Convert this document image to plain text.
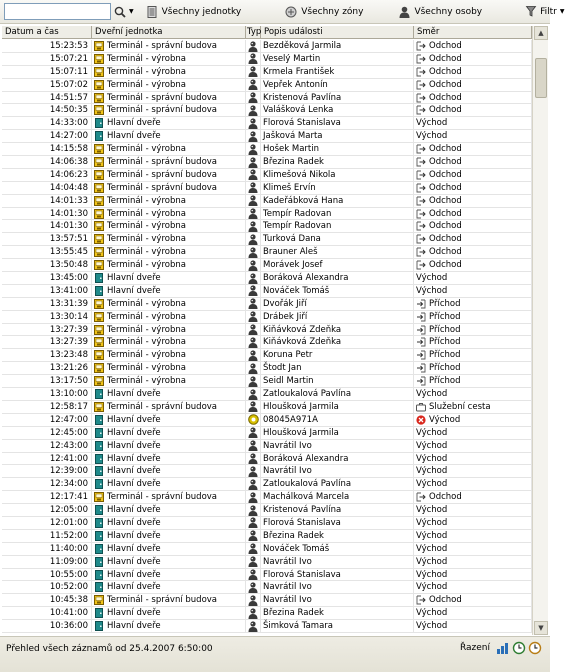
▼	Všechny jednotky	Všechny zóny	Všechny osoby	Filtr ▼
Datum a čas	Dveřní jednotka	Typ Popis události	Směr
15:23:53	Terminál - správní budova	Bezděková Jarmila	Odchod
15:07:21	Terminál - výrobna	Veselý Martin	Odchod
15:07:11	Terminál - výrobna	Krmela František	Odchod
15:07:02	Terminál - výrobna	Vepřek Antonín	Odchod
14:51:57	Terminál - správní budova	Kristenová Pavlína	Odchod
14:50:35	Terminál - správní budova	Valášková Lenka	Odchod
14:33:00	Hlavní dveře	Florová Stanislava	Východ
14:27:00	Hlavní dveře	Jašková Marta	Východ
14:15:58	Terminál - výrobna	Hošek Martin	Odchod
14:06:38	Terminál - správní budova	Březina Radek	Odchod
14:06:23	Terminál - správní budova	Klimešová Nikola	Odchod
14:04:48	Terminál - správní budova	Klimeš Ervín	Odchod
14:01:33	Terminál - výrobna	Kadeřábková Hana	Odchod
14:01:30	Terminál - výrobna	Tempír Radovan	Odchod
14:01:30	Terminál - výrobna	Tempír Radovan	Odchod
13:57:51	Terminál - výrobna	Turková Dana	Odchod
13:55:45	Terminál - výrobna	Brauner Aleš	Odchod
13:50:48	Terminál - výrobna	Morávek Josef	Odchod
13:45:00	Hlavní dveře	Boráková Alexandra	Východ
13:41:00	Hlavní dveře	Nováček Tomáš	Východ
13:31:39	Terminál - výrobna	Dvořák Jiří	Příchod
13:30:14	Terminál - výrobna	Drábek Jiří	Příchod
13:27:39	Terminál - výrobna	Kiňávková Zdeňka	Příchod
13:27:39	Terminál - výrobna	Kiňávková Zdeňka	Příchod
13:23:48	Terminál - výrobna	Koruna Petr	Příchod
13:21:26	Terminál - výrobna	Štodt Jan	Příchod
13:17:50	Terminál - výrobna	Seidl Martin	Příchod
13:10:00	Hlavní dveře	Zatloukalová Pavlína	Východ
12:58:17	Terminál - správní budova	Hloušková Jarmila	Služební cesta
12:47:00	Hlavní dveře	08045A971A	Východ
12:45:00	Hlavní dveře	Hloušková Jarmila	Východ
12:43:00	Hlavní dveře	Navrátil Ivo	Východ
12:41:00	Hlavní dveře	Boráková Alexandra	Východ
12:39:00	Hlavní dveře	Navrátil Ivo	Východ
12:34:00	Hlavní dveře	Zatloukalová Pavlína	Východ
12:17:41	Terminál - správní budova	Machálková Marcela	Odchod
12:05:00	Hlavní dveře	Kristenová Pavlína	Východ
12:01:00	Hlavní dveře	Florová Stanislava	Východ
11:52:00	Hlavní dveře	Březina Radek	Východ
11:40:00	Hlavní dveře	Nováček Tomáš	Východ
11:09:00	Hlavní dveře	Navrátil Ivo	Východ
10:55:00	Hlavní dveře	Florová Stanislava	Východ
10:52:00	Hlavní dveře	Navrátil Ivo	Východ
10:45:38	Terminál - správní budova	Navrátil Ivo	Odchod
10:41:00	Hlavní dveře	Březina Radek	Východ
10:36:00	Hlavní dveře	Šimková Tamara	Východ
▲
▼
Přehled všech záznamů od 25.4.2007 6:50:00	Řazení
